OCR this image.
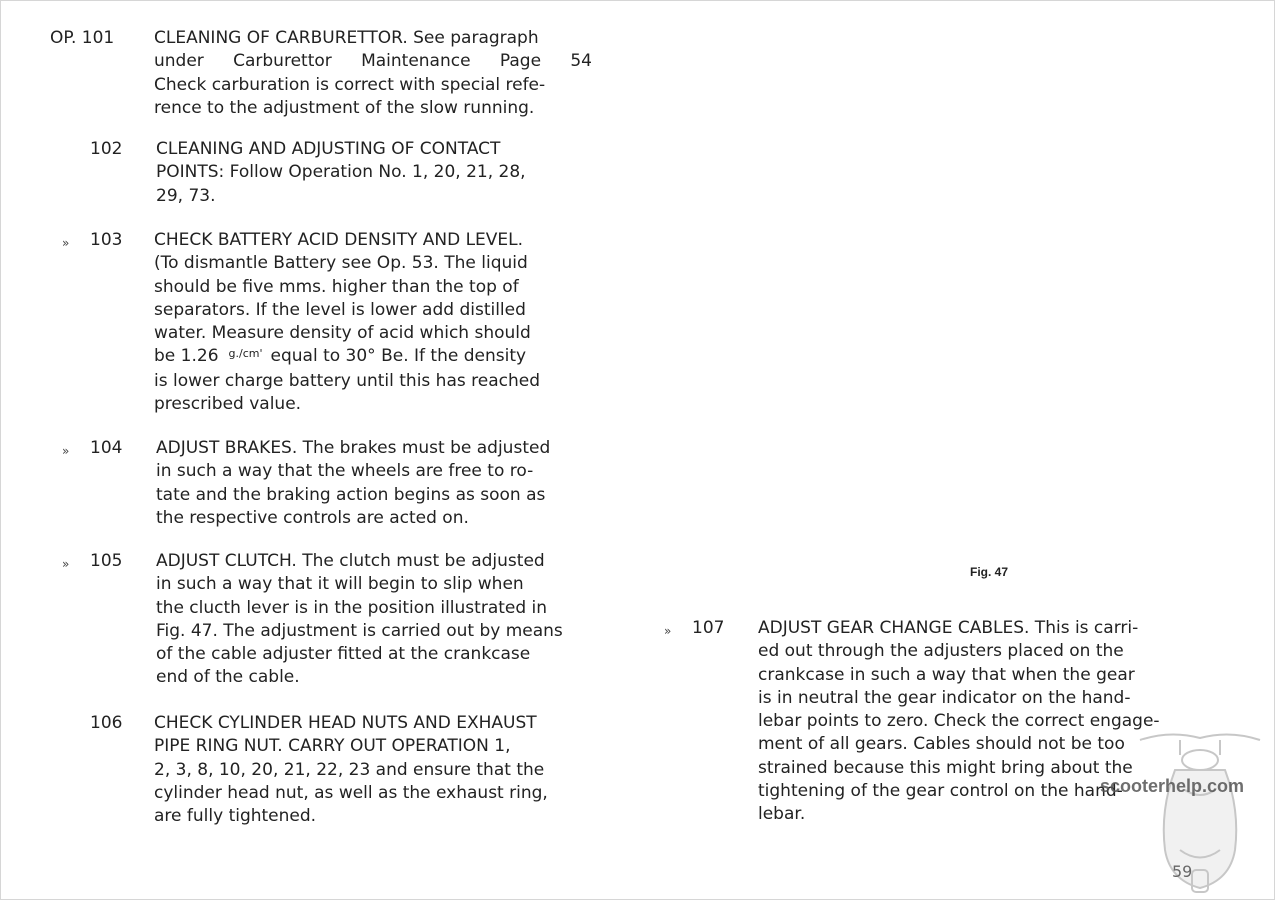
OP. 101 CLEANING OF CARBURETTOR. See paragraph
under Carburettor Maintenance Page 54
Check carburation is correct with special refe-
rence to the adjustment of the slow running.
102 CLEANING AND ADJUSTING OF CONTACT
POINTS: Follow Operation No. 1, 20, 21, 28,
29, 73.
» 103 CHECK BATTERY ACID DENSITY AND LEVEL.
(To dismantle Battery see Op. 53. The liquid
should be five mms. higher than the top of
separators. If the level is lower add distilled
water. Measure density of acid which should
be 1.26 $^{g./cm'}$ equal to 30° Be. If the density
is lower charge battery until this has reached
prescribed value.
» 104 ADJUST BRAKES. The brakes must be adjusted
in such a way that the wheels are free to ro-
tate and the braking action begins as soon as
the respective controls are acted on.
» 105 ADJUST CLUTCH. The clutch must be adjusted
in such a way that it will begin to slip when
the clucth lever is in the position illustrated in
Fig. 47. The adjustment is carried out by means
of the cable adjuster fitted at the crankcase
end of the cable.
106 CHECK CYLINDER HEAD NUTS AND EXHAUST
PIPE RING NUT. CARRY OUT OPERATION 1,
2, 3, 8, 10, 20, 21, 22, 23 and ensure that the
cylinder head nut, as well as the exhaust ring,
are fully tightened.
Fig. 47
» 107 ADJUST GEAR CHANGE CABLES. This is carri-
ed out through the adjusters placed on the
crankcase in such a way that when the gear
is in neutral the gear indicator on the hand-
lebar points to zero. Check the correct engage-
ment of all gears. Cables should not be too
strained because this might bring about the
tightening of the gear control on the hand-
lebar.
scooterhelp.com
59
